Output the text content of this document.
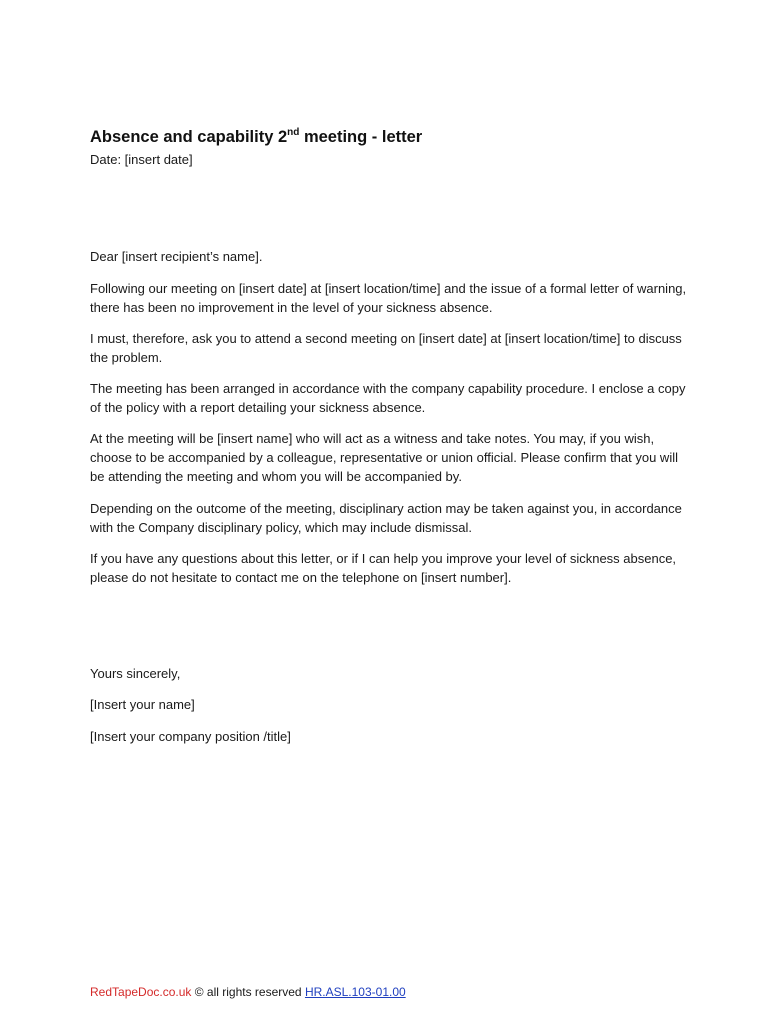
Absence and capability 2nd meeting - letter
Date: [insert date]

Dear [insert recipient’s name].

Following our meeting on [insert date] at [insert location/time] and the issue of a formal letter of warning, there has been no improvement in the level of your sickness absence.

I must, therefore, ask you to attend a second meeting on [insert date] at [insert location/time] to discuss the problem.

The meeting has been arranged in accordance with the company capability procedure. I enclose a copy of the policy with a report detailing your sickness absence.

At the meeting will be [insert name] who will act as a witness and take notes. You may, if you wish, choose to be accompanied by a colleague, representative or union official. Please confirm that you will be attending the meeting and whom you will be accompanied by.

Depending on the outcome of the meeting, disciplinary action may be taken against you, in accordance with the Company disciplinary policy, which may include dismissal.

If you have any questions about this letter, or if I can help you improve your level of sickness absence, please do not hesitate to contact me on the telephone on [insert number].

Yours sincerely,

[Insert your name]

[Insert your company position /title]

RedTapeDoc.co.uk © all rights reserved HR.ASL.103-01.00
